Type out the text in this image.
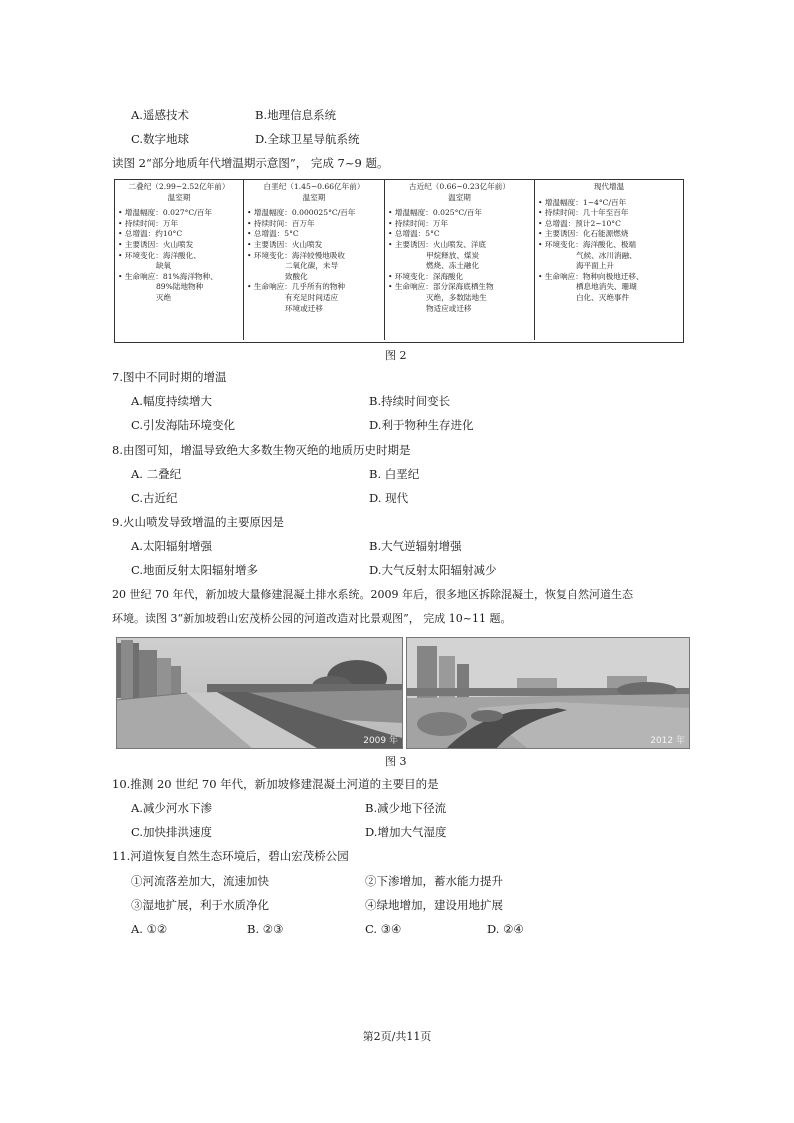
A.遥感技术	B.地理信息系统
C.数字地球	D.全球卫星导航系统
读图 2“部分地质年代增温期示意图”， 完成 7~9 题。
二叠纪（2.99~2.52亿年前）
温室期
• 增温幅度：0.027°C/百年
• 持续时间：万年
• 总增温：约10°C
• 主要诱因：火山喷发
• 环境变化：海洋酸化、
　　　　　缺氧
• 生命响应：81%海洋物种、
　　　　　89%陆地物种
　　　　　灭绝
白垩纪（1.45~0.66亿年前）
温室期
• 增温幅度：0.000025°C/百年
• 持续时间：百万年
• 总增温：5°C
• 主要诱因：火山喷发
• 环境变化：海洋较慢地吸收
　　　　　二氧化碳，未导
　　　　　致酸化
• 生命响应：几乎所有的物种
　　　　　有充足时间适应
　　　　　环境或迁移
古近纪（0.66~0.23亿年前）
温室期
• 增温幅度：0.025°C/百年
• 持续时间：万年
• 总增温：5°C
• 主要诱因：火山喷发、洋底
　　　　　甲烷释放、煤炭
　　　　　燃烧、冻土融化
• 环境变化：深海酸化
• 生命响应：部分深海底栖生物
　　　　　灭绝，多数陆地生
　　　　　物适应或迁移
现代增温
• 增温幅度：1~4°C/百年
• 持续时间：几十年至百年
• 总增温：预计2~10°C
• 主要诱因：化石能源燃烧
• 环境变化：海洋酸化、极端
　　　　　气候、冰川消融、
　　　　　海平面上升
• 生命响应：物种向极地迁移、
　　　　　栖息地消失、珊瑚
　　　　　白化、灭绝事件
图 2
7.图中不同时期的增温
A.幅度持续增大	B.持续时间变长
C.引发海陆环境变化	D.利于物种生存进化
8.由图可知，增温导致绝大多数生物灭绝的地质历史时期是
A. 二叠纪	B. 白垩纪
C.古近纪	D. 现代
9.火山喷发导致增温的主要原因是
A.太阳辐射增强	B.大气逆辐射增强
C.地面反射太阳辐射增多	D.大气反射太阳辐射减少
20 世纪 70 年代，新加坡大量修建混凝土排水系统。2009 年后，很多地区拆除混凝土，恢复自然河道生态
环境。读图 3“新加坡碧山宏茂桥公园的河道改造对比景观图”， 完成 10~11 题。
2009 年	2012 年
图 3
10.推测 20 世纪 70 年代，新加坡修建混凝土河道的主要目的是
A.减少河水下渗	B.减少地下径流
C.加快排洪速度	D.增加大气湿度
11.河道恢复自然生态环境后，碧山宏茂桥公园
①河流落差加大，流速加快	②下渗增加，蓄水能力提升
③湿地扩展，利于水质净化	④绿地增加，建设用地扩展
A. ①②	B. ②③	C. ③④	D. ②④
第2页/共11页
